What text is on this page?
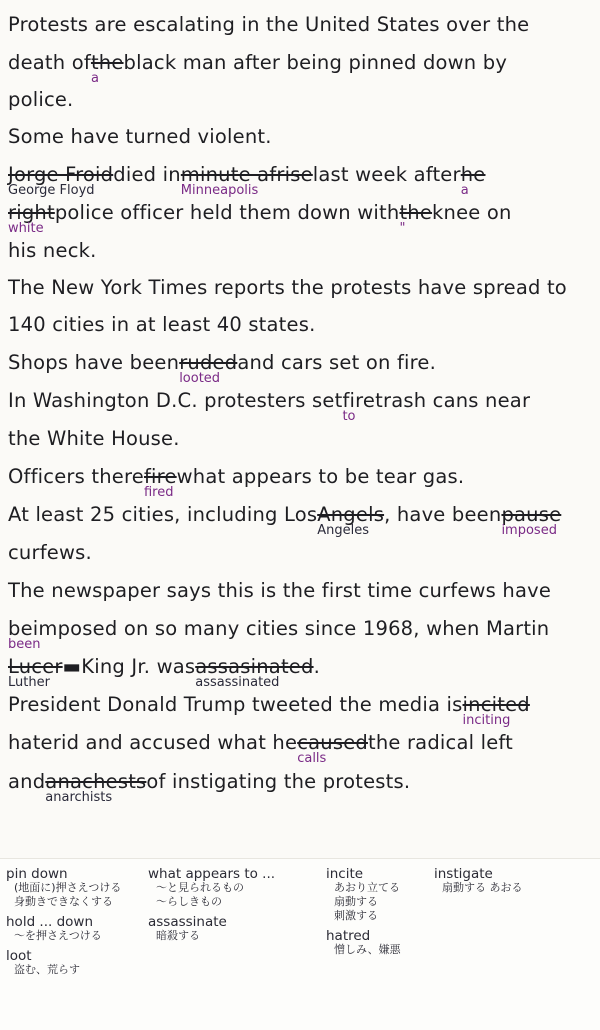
Protests are escalating in the United States over the
death ofthe
a
black man after being pinned down by
police.
Some have turned violent.
Jorge Froid
George Floyd
died inminute afrise
Minneapolis
last week afterhe
a
right
white
police officer held them down withthe
"
knee on
his neck.
The New York Times reports the protests have spread to
140 cities in at least 40 states.
Shops have beenruded
looted
and cars set on fire.
In Washington D.C. protesters setfire
to
trash cans near
the White House.
Officers therefire
fired
what appears to be tear gas.
At least 25 cities, including LosAngels
Angeles
, have beenpause
imposed
curfews.
The newspaper says this is the first time curfews have
be
been
imposed on so many cities since 1968, when Martin
Lucer
Luther
▬King Jr. wasassasinated
assassinated
.
President Donald Trump tweeted the media isincited
inciting
haterid and accused what hecaused
calls
the radical left
andanachests
anarchists
of instigating the protests.
pin down
(地面に)押さえつける
身動きできなくする
hold ... down
〜を押さえつける
loot
盗む、荒らす
what appears to ...
〜と見られるもの
〜らしきもの
assassinate
暗殺する
incite
あおり立てる
扇動する
刺激する
hatred
憎しみ、嫌悪
instigate
扇動する あおる
